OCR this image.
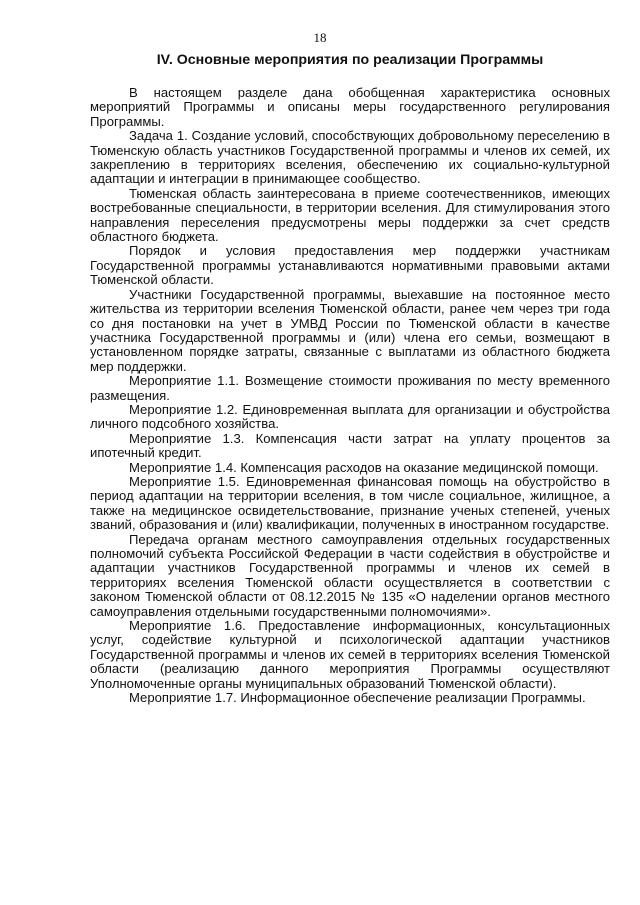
18
IV. Основные мероприятия по реализации Программы

В настоящем разделе дана обобщенная характеристика основных мероприятий Программы и описаны меры государственного регулирования Программы.

Задача 1. Создание условий, способствующих добровольному переселению в Тюменскую область участников Государственной программы и членов их семей, их закреплению в территориях вселения, обеспечению их социально-культурной адаптации и интеграции в принимающее сообщество.

Тюменская область заинтересована в приеме соотечественников, имеющих востребованные специальности, в территории вселения. Для стимулирования этого направления переселения предусмотрены меры поддержки за счет средств областного бюджета.

Порядок и условия предоставления мер поддержки участникам Государственной программы устанавливаются нормативными правовыми актами Тюменской области.

Участники Государственной программы, выехавшие на постоянное место жительства из территории вселения Тюменской области, ранее чем через три года со дня постановки на учет в УМВД России по Тюменской области в качестве участника Государственной программы и (или) члена его семьи, возмещают в установленном порядке затраты, связанные с выплатами из областного бюджета мер поддержки.

Мероприятие 1.1. Возмещение стоимости проживания по месту временного размещения.

Мероприятие 1.2. Единовременная выплата для организации и обустройства личного подсобного хозяйства.

Мероприятие 1.3. Компенсация части затрат на уплату процентов за ипотечный кредит.

Мероприятие 1.4. Компенсация расходов на оказание медицинской помощи.

Мероприятие 1.5. Единовременная финансовая помощь на обустройство в период адаптации на территории вселения, в том числе социальное, жилищное, а также на медицинское освидетельствование, признание ученых степеней, ученых званий, образования и (или) квалификации, полученных в иностранном государстве.

Передача органам местного самоуправления отдельных государственных полномочий субъекта Российской Федерации в части содействия в обустройстве и адаптации участников Государственной программы и членов их семей в территориях вселения Тюменской области осуществляется в соответствии с законом Тюменской области от 08.12.2015 № 135 «О наделении органов местного самоуправления отдельными государственными полномочиями».

Мероприятие 1.6. Предоставление информационных, консультационных услуг, содействие культурной и психологической адаптации участников Государственной программы и членов их семей в территориях вселения Тюменской области (реализацию данного мероприятия Программы осуществляют Уполномоченные органы муниципальных образований Тюменской области).

Мероприятие 1.7. Информационное обеспечение реализации Программы.
